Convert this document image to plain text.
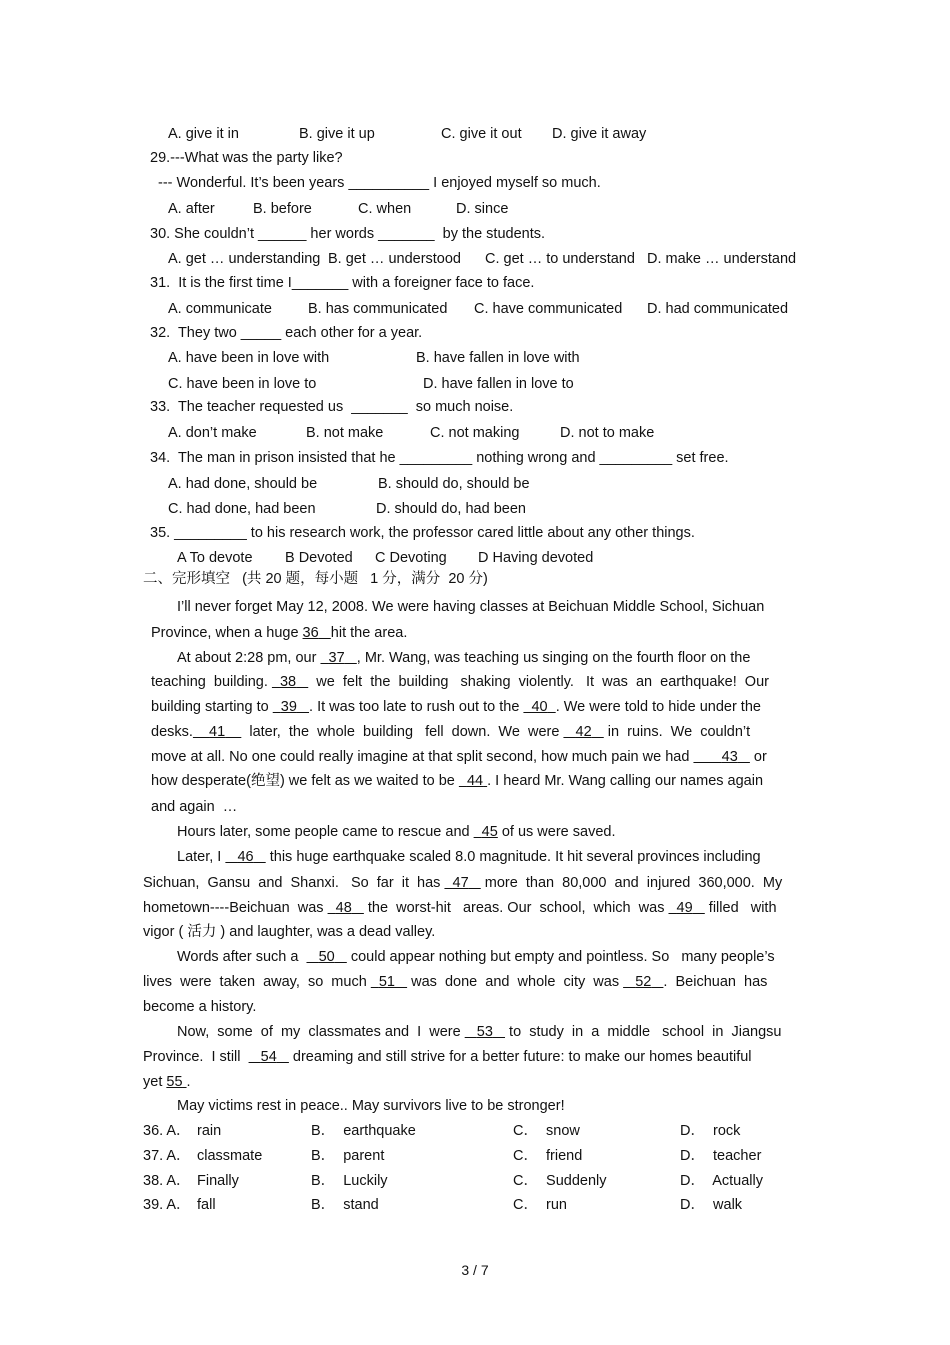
A. give it in	B. give it up	C. give it out D. give it away
29.---What was the party like?
--- Wonderful. It’s been years __________ I enjoyed myself so much.
A. after	B. before	C. when	D. since
30. She couldn’t ______ her words _______  by the students.
A. get … understanding B. get … understood C. get … to understand D. make … understand
31.  It is the first time I_______ with a foreigner face to face.
A. communicate B. has communicated C. have communicated D. had communicated
32.  They two _____ each other for a year.
A. have been in love with	B. have fallen in love with
C. have been in love to	D. have fallen in love to
33.  The teacher requested us  _______  so much noise.
A. don’t make	B. not make	C. not making	D. not to make
34.  The man in prison insisted that he _________ nothing wrong and _________ set free.
A. had done, should be	B. should do, should be
C. had done, had been	D. should do, had been
35. _________ to his research work, the professor cared little about any other things.
A To devote B Devoted C Devoting D Having devoted
二、完形填空   (共 20 题，每小题   1 分，满分  20 分)
I’ll never forget May 12, 2008. We were having classes at Beichuan Middle School, Sichuan
Province, when a huge 36 hit the area.
At about 2:28 pm, our   37 , Mr. Wang, was teaching us singing on the fourth floor on the
teaching  building.   38     we  felt  the  building   shaking  violently.   It  was  an  earthquake!  Our
building starting to   39 . It was too late to rush out to the   40 . We were told to hide under the
desks. 41      later,  the  whole  building   fell  down.  We  were    42    in  ruins.  We  couldn’t
move at all. No one could really imagine at that split second, how much pain we had        43    or
how desperate(绝望) we felt as we waited to be   44 . I heard Mr. Wang calling our names again
and again  …
Hours later, some people came to rescue and   45 of us were saved.
Later, I    46    this huge earthquake scaled 8.0 magnitude. It hit several provinces including
Sichuan,  Gansu  and  Shanxi.   So  far  it  has   47    more  than  80,000  and  injured  360,000.  My
hometown----Beichuan  was   48    the  worst-hit   areas. Our  school,  which  was   49    filled   with
vigor ( 活力 ) and laughter, was a dead valley.
Words after such a     50    could appear nothing but empty and pointless. So   many people’s
lives  were  taken  away,  so  much   51    was  done  and  whole  city  was    52 .  Beichuan  has
become a history.
Now,  some  of  my  classmates and  I  were    53    to  study  in  a  middle   school  in  Jiangsu
Province.  I still     54    dreaming and still strive for a better future: to make our homes beautiful
yet 55 .
May victims rest in peace.. May survivors live to be stronger!
36. A． rain	B．  earthquake	C．  snow	D．  rock
37. A． classmate	B．  parent	C．  friend	D．  teacher
38. A． Finally	B．  Luckily	C．  Suddenly	D．  Actually
39. A． fall	B．  stand	C．  run	D．  walk
3 / 7
